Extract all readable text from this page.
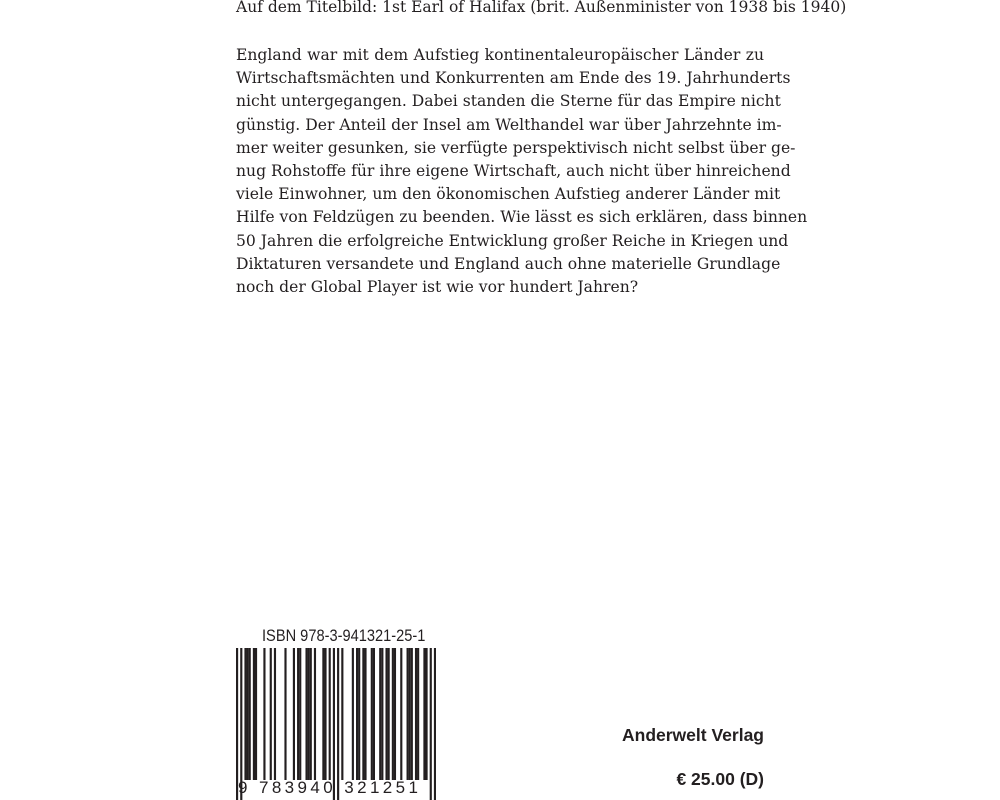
Auf dem Titelbild: 1st Earl of Halifax (brit. Außenminister von 1938 bis 1940)
England war mit dem Aufstieg kontinentaleuropäischer Länder zu
Wirtschaftsmächten und Konkurrenten am Ende des 19. Jahrhunderts
nicht untergegangen. Dabei standen die Sterne für das Empire nicht
günstig. Der Anteil der Insel am Welthandel war über Jahrzehnte im-
mer weiter gesunken, sie verfügte perspektivisch nicht selbst über ge-
nug Rohstoffe für ihre eigene Wirtschaft, auch nicht über hinreichend
viele Einwohner, um den ökonomischen Aufstieg anderer Länder mit
Hilfe von Feldzügen zu beenden. Wie lässt es sich erklären, dass binnen
50 Jahren die erfolgreiche Entwicklung großer Reiche in Kriegen und
Diktaturen versandete und England auch ohne materielle Grundlage
noch der Global Player ist wie vor hundert Jahren?
ISBN 978-3-941321-25-1
9 783940 321251
Anderwelt Verlag
€ 25.00 (D)
